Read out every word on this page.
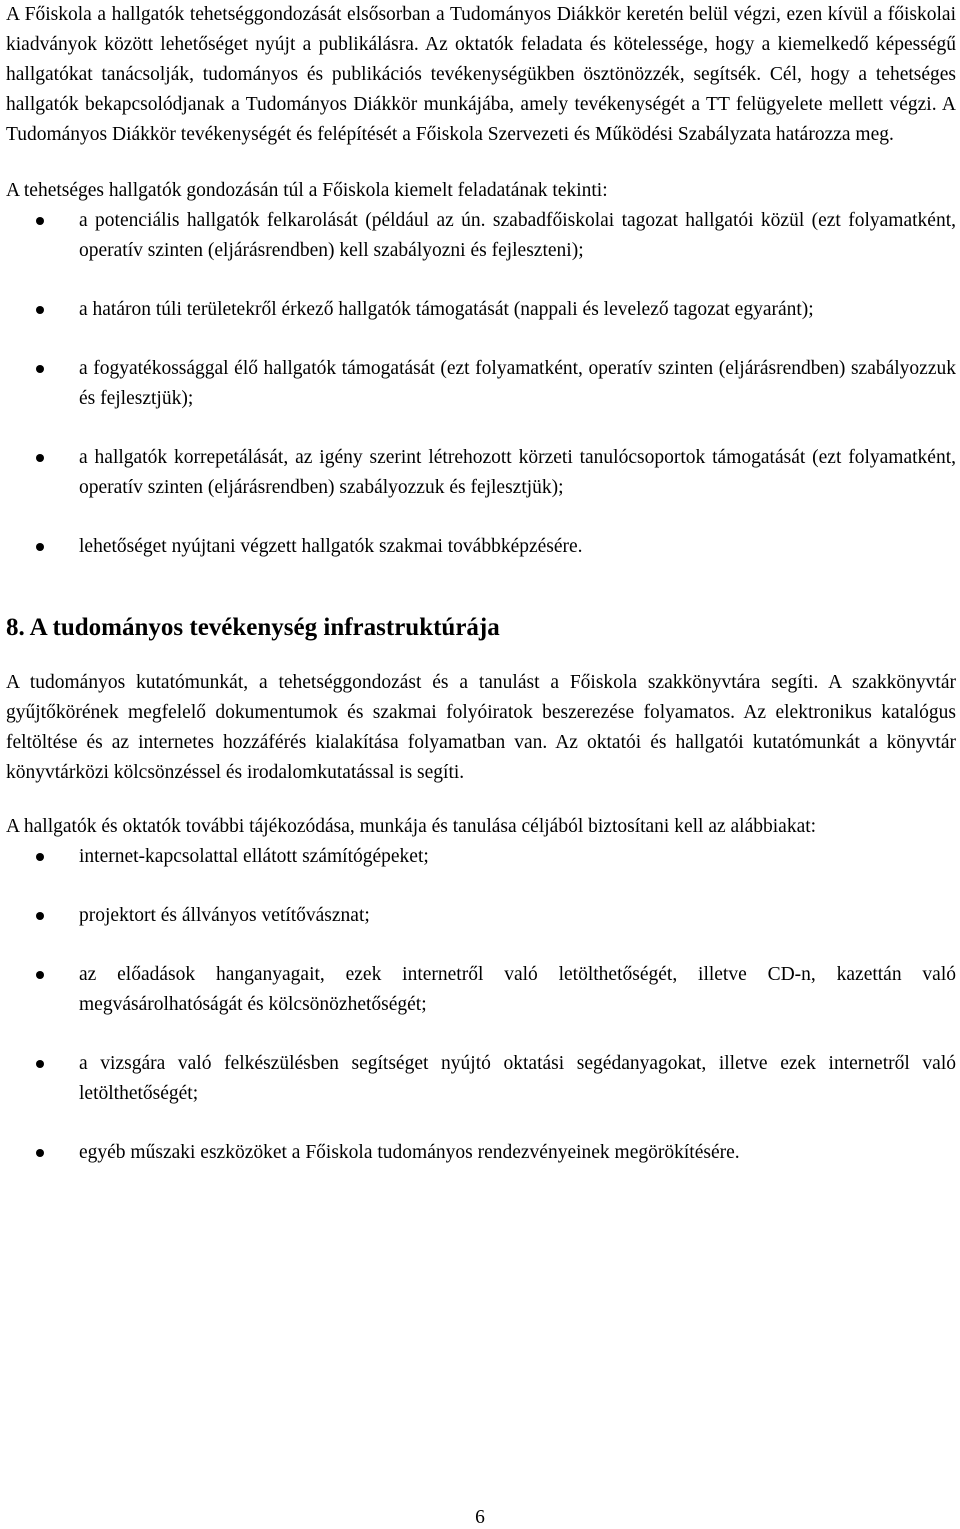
A Főiskola a hallgatók tehetséggondozását elsősorban a Tudományos Diákkör keretén belül végzi, ezen kívül a főiskolai kiadványok között lehetőséget nyújt a publikálásra. Az oktatók feladata és kötelessége, hogy a kiemelkedő képességű hallgatókat tanácsolják, tudományos és publikációs tevékenységükben ösztönözzék, segítsék. Cél, hogy a tehetséges hallgatók bekapcsolódjanak a Tudományos Diákkör munkájába, amely tevékenységét a TT felügyelete mellett végzi. A Tudományos Diákkör tevékenységét és felépítését a Főiskola Szervezeti és Működési Szabályzata határozza meg.

A tehetséges hallgatók gondozásán túl a Főiskola kiemelt feladatának tekinti:

a potenciális hallgatók felkarolását (például az ún. szabadfőiskolai tagozat hallgatói közül (ezt folyamatként, operatív szinten (eljárásrendben) kell szabályozni és fejleszteni);
a határon túli területekről érkező hallgatók támogatását (nappali és levelező tagozat egyaránt);
a fogyatékossággal élő hallgatók támogatását (ezt folyamatként, operatív szinten (eljárásrendben) szabályozzuk és fejlesztjük);
a hallgatók korrepetálását, az igény szerint létrehozott körzeti tanulócsoportok támogatását (ezt folyamatként, operatív szinten (eljárásrendben) szabályozzuk és fejlesztjük);
lehetőséget nyújtani végzett hallgatók szakmai továbbképzésére.
8. A tudományos tevékenység infrastruktúrája

A tudományos kutatómunkát, a tehetséggondozást és a tanulást a Főiskola szakkönyvtára segíti. A szakkönyvtár gyűjtőkörének megfelelő dokumentumok és szakmai folyóiratok beszerezése folyamatos. Az elektronikus katalógus feltöltése és az internetes hozzáférés kialakítása folyamatban van. Az oktatói és hallgatói kutatómunkát a könyvtár könyvtárközi kölcsönzéssel és irodalomkutatással is segíti.

A hallgatók és oktatók további tájékozódása, munkája és tanulása céljából biztosítani kell az alábbiakat:

internet-kapcsolattal ellátott számítógépeket;
projektort és állványos vetítővásznat;
az előadások hanganyagait, ezek internetről való letölthetőségét, illetve CD-n, kazettán való megvásárolhatóságát és kölcsönözhetőségét;
a vizsgára való felkészülésben segítséget nyújtó oktatási segédanyagokat, illetve ezek internetről való letölthetőségét;
egyéb műszaki eszközöket a Főiskola tudományos rendezvényeinek megörökítésére.
6
